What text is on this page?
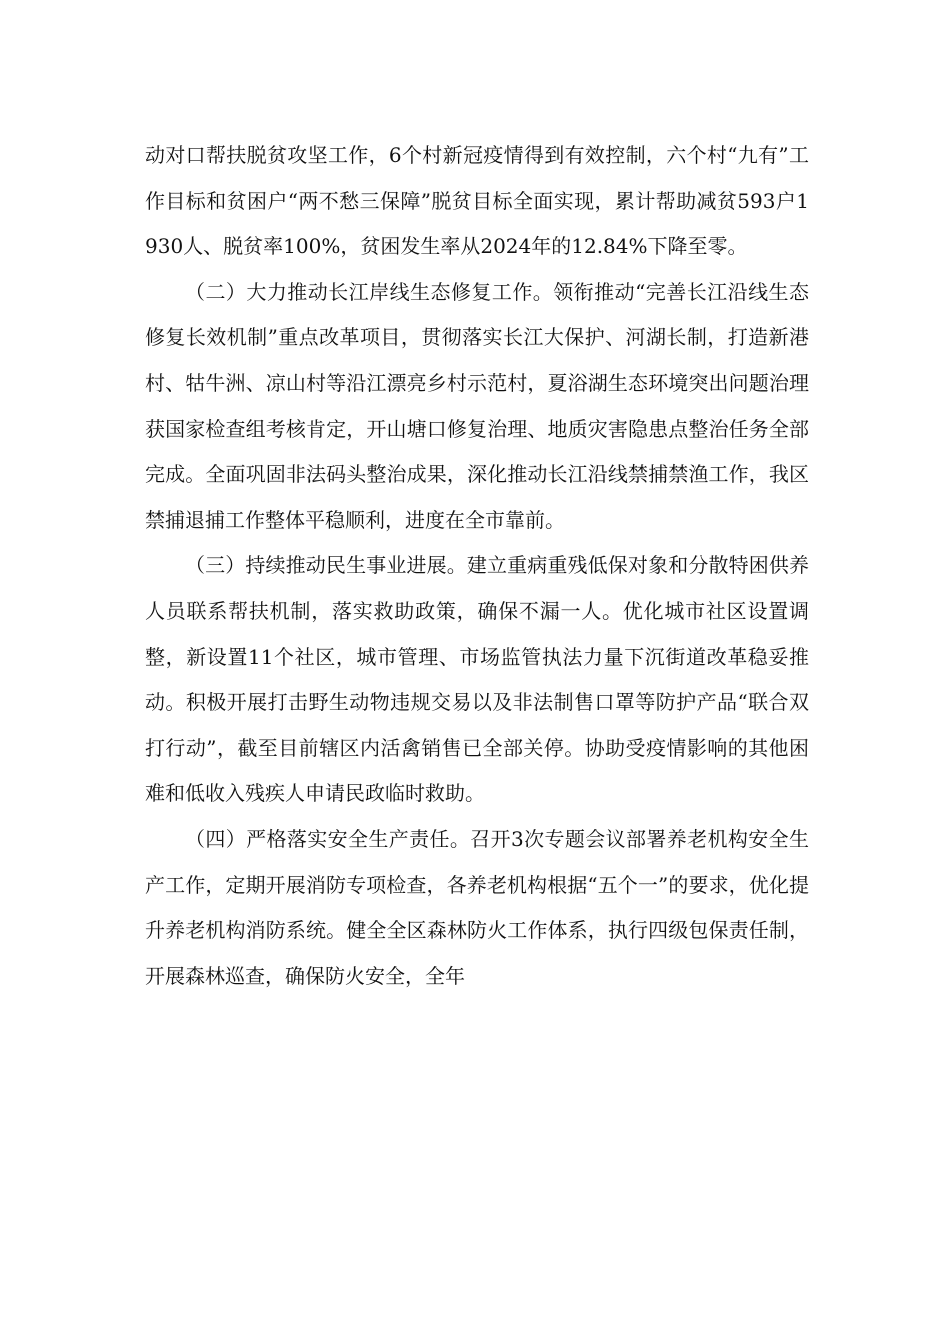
动对口帮扶脱贫攻坚工作，6个村新冠疫情得到有效控制，六个村“九有”工作目标和贫困户“两不愁三保障”脱贫目标全面实现，累计帮助减贫593户1930人、脱贫率100%，贫困发生率从2024年的12.84%下降至零。

（二）大力推动长江岸线生态修复工作。领衔推动“完善长江沿线生态修复长效机制”重点改革项目，贯彻落实长江大保护、河湖长制，打造新港村、牯牛洲、凉山村等沿江漂亮乡村示范村，夏浴湖生态环境突出问题治理获国家检查组考核肯定，开山塘口修复治理、地质灾害隐患点整治任务全部完成。全面巩固非法码头整治成果，深化推动长江沿线禁捕禁渔工作，我区禁捕退捕工作整体平稳顺利，进度在全市靠前。

（三）持续推动民生事业进展。建立重病重残低保对象和分散特困供养人员联系帮扶机制，落实救助政策，确保不漏一人。优化城市社区设置调整，新设置11个社区，城市管理、市场监管执法力量下沉街道改革稳妥推动。积极开展打击野生动物违规交易以及非法制售口罩等防护产品“联合双打行动”，截至目前辖区内活禽销售已全部关停。协助受疫情影响的其他困难和低收入残疾人申请民政临时救助。

（四）严格落实安全生产责任。召开3次专题会议部署养老机构安全生产工作，定期开展消防专项检查，各养老机构根据“五个一”的要求，优化提升养老机构消防系统。健全全区森林防火工作体系，执行四级包保责任制，开展森林巡查，确保防火安全，全年
